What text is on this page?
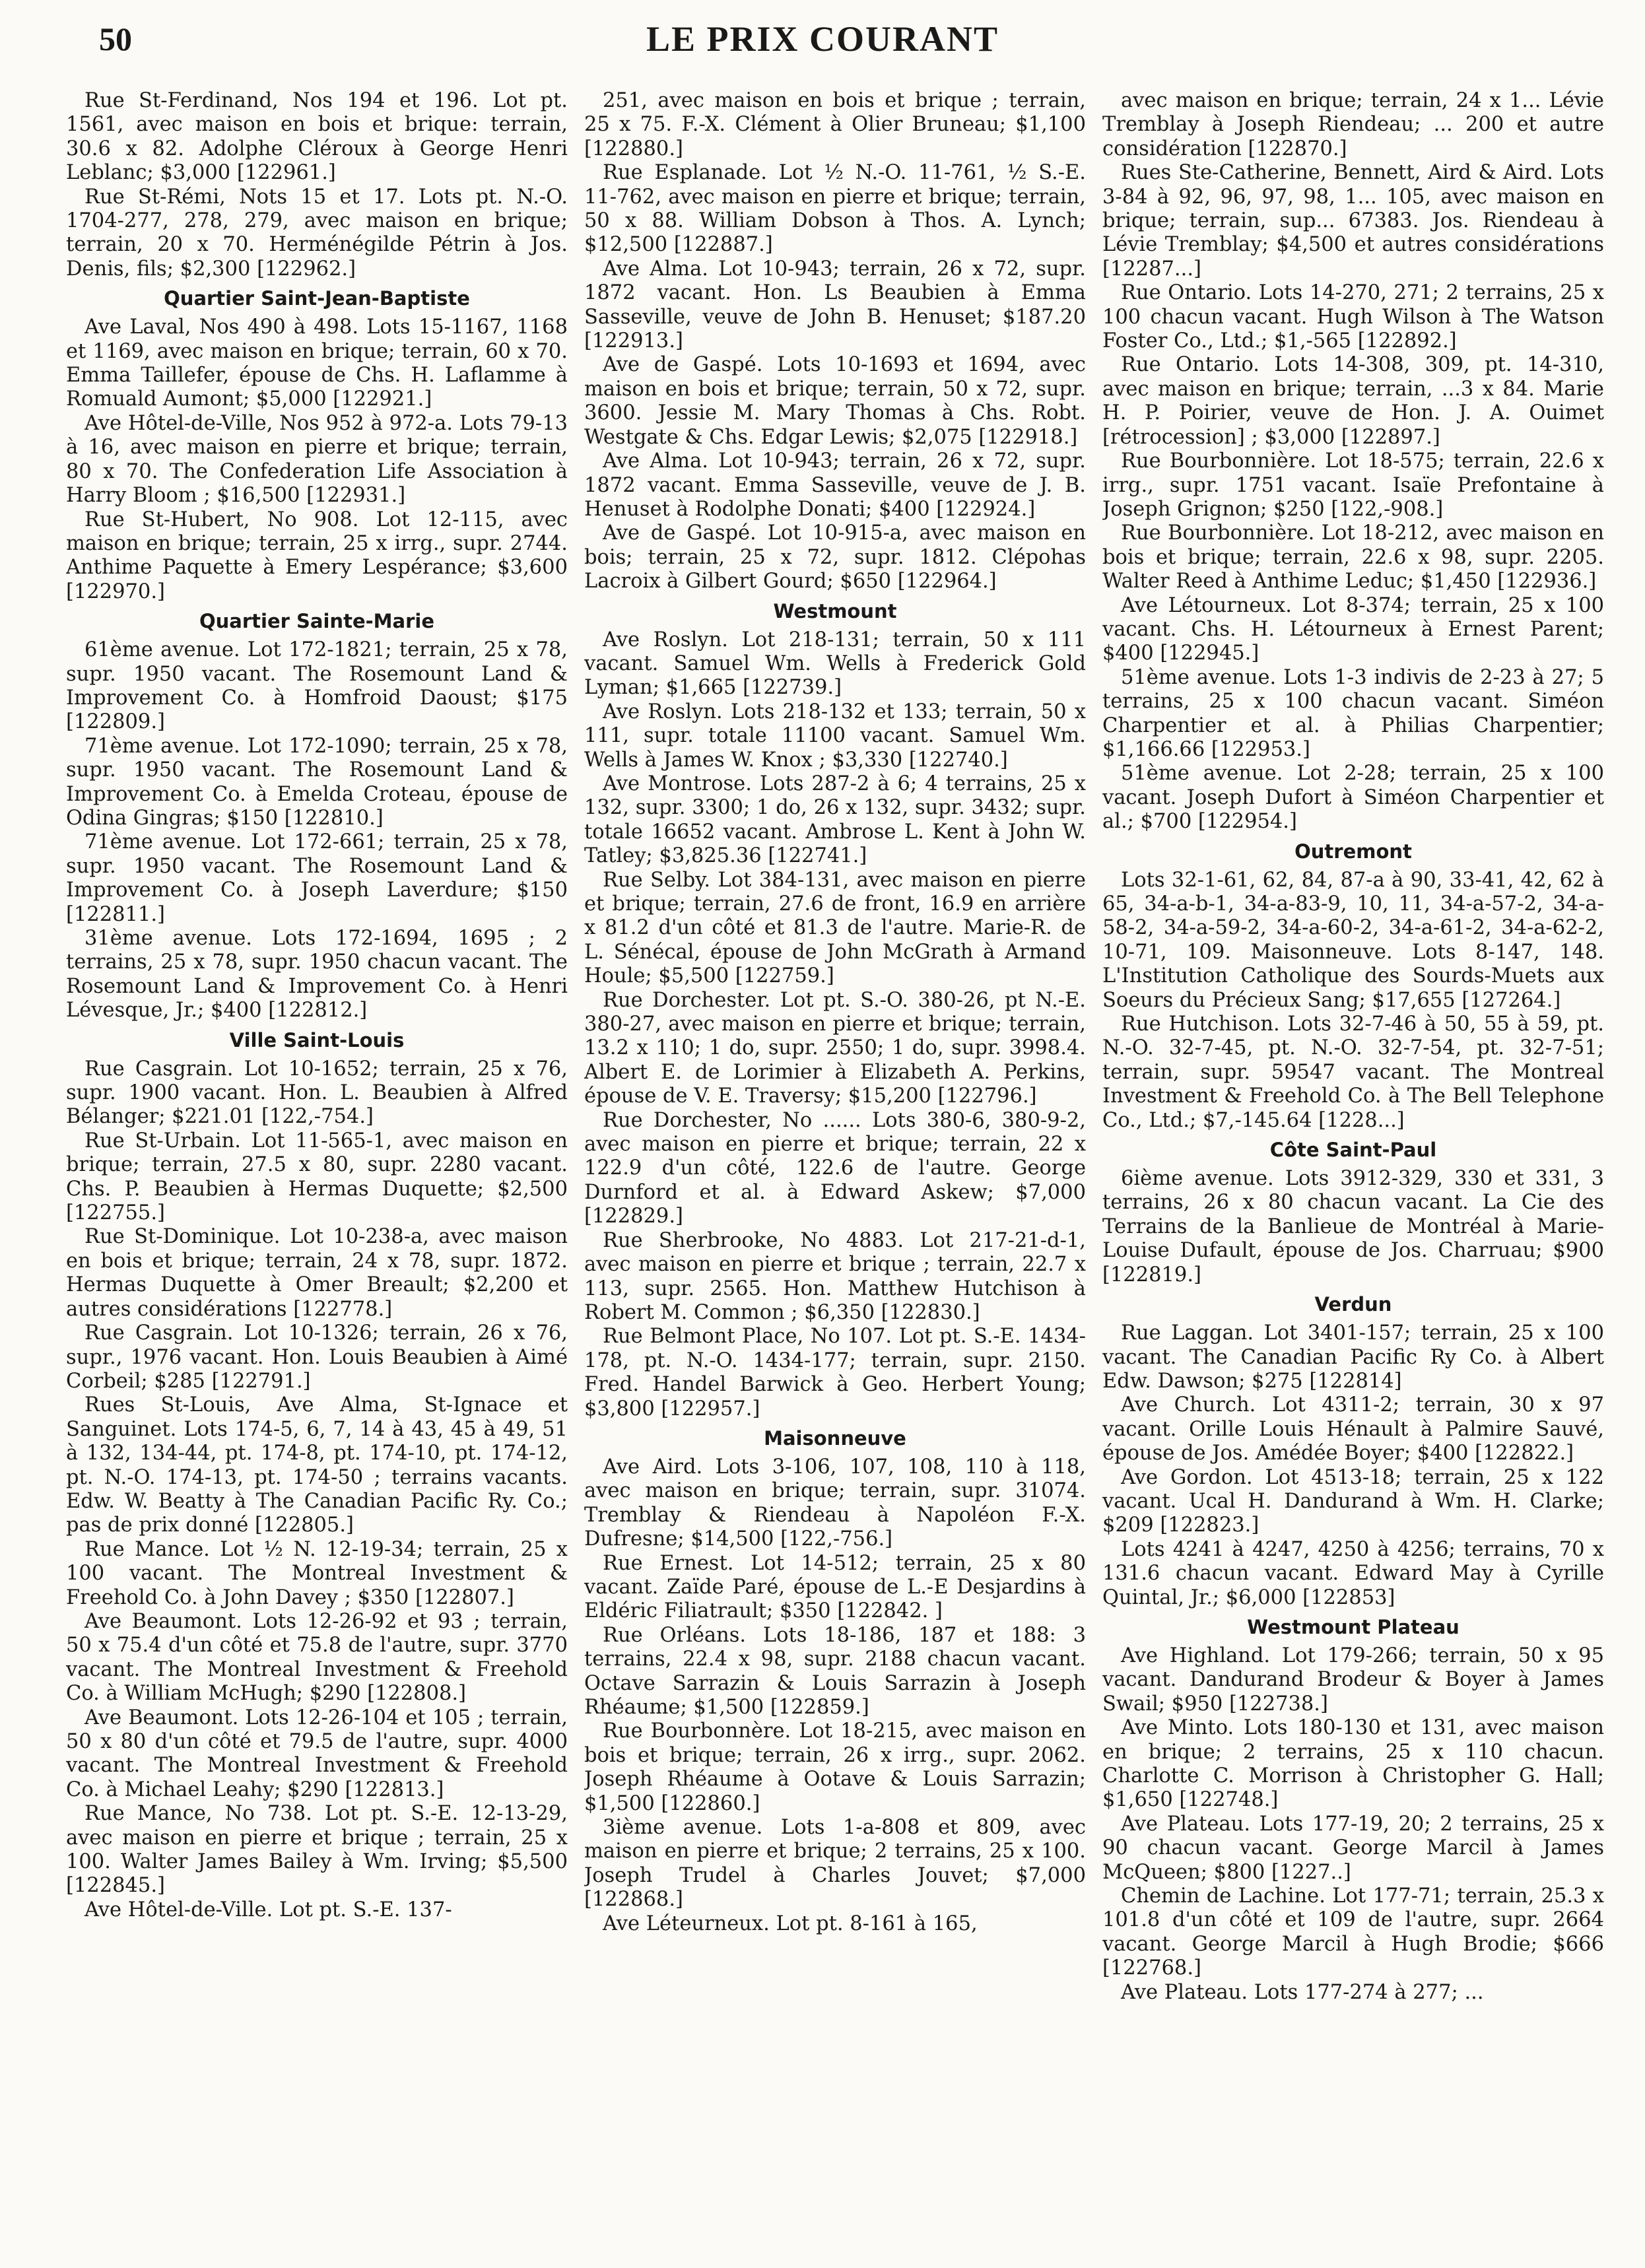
50	LE PRIX COURANT

Rue St-Ferdinand, Nos 194 et 196. Lot pt. 1561, avec maison en bois et brique: terrain, 30.6 x 82. Adolphe Cléroux à George Henri Leblanc; $3,000 [122961.]

Rue St-Rémi, Nots 15 et 17. Lots pt. N.-O. 1704-277, 278, 279, avec maison en brique; terrain, 20 x 70. Herménégilde Pétrin à Jos. Denis, fils; $2,300 [122962.]

Quartier Saint-Jean-Baptiste

Ave Laval, Nos 490 à 498. Lots 15-1167, 1168 et 1169, avec maison en brique; terrain, 60 x 70. Emma Taillefer, épouse de Chs. H. Laflamme à Romuald Aumont; $5,000 [122921.]

Ave Hôtel-de-Ville, Nos 952 à 972-a. Lots 79-13 à 16, avec maison en pierre et brique; terrain, 80 x 70. The Confederation Life Association à Harry Bloom ; $16,500 [122931.]

Rue St-Hubert, No 908. Lot 12-115, avec maison en brique; terrain, 25 x irrg., supr. 2744. Anthime Paquette à Emery Lespérance; $3,600 [122970.]

Quartier Sainte-Marie

61ème avenue. Lot 172-1821; terrain, 25 x 78, supr. 1950 vacant. The Rosemount Land & Improvement Co. à Homfroid Daoust; $175 [122809.]

71ème avenue. Lot 172-1090; terrain, 25 x 78, supr. 1950 vacant. The Rosemount Land & Improvement Co. à Emelda Croteau, épouse de Odina Gingras; $150 [122810.]

71ème avenue. Lot 172-661; terrain, 25 x 78, supr. 1950 vacant. The Rosemount Land & Improvement Co. à Joseph Laverdure; $150 [122811.]

31ème avenue. Lots 172-1694, 1695 ; 2 terrains, 25 x 78, supr. 1950 chacun vacant. The Rosemount Land & Improvement Co. à Henri Lévesque, Jr.; $400 [122812.]

Ville Saint-Louis

Rue Casgrain. Lot 10-1652; terrain, 25 x 76, supr. 1900 vacant. Hon. L. Beaubien à Alfred Bélanger; $221.01 [122,-754.]

Rue St-Urbain. Lot 11-565-1, avec maison en brique; terrain, 27.5 x 80, supr. 2280 vacant. Chs. P. Beaubien à Hermas Duquette; $2,500 [122755.]

Rue St-Dominique. Lot 10-238-a, avec maison en bois et brique; terrain, 24 x 78, supr. 1872. Hermas Duquette à Omer Breault; $2,200 et autres considérations [122778.]

Rue Casgrain. Lot 10-1326; terrain, 26 x 76, supr., 1976 vacant. Hon. Louis Beaubien à Aimé Corbeil; $285 [122791.]

Rues St-Louis, Ave Alma, St-Ignace et Sanguinet. Lots 174-5, 6, 7, 14 à 43, 45 à 49, 51 à 132, 134-44, pt. 174-8, pt. 174-10, pt. 174-12, pt. N.-O. 174-13, pt. 174-50 ; terrains vacants. Edw. W. Beatty à The Canadian Pacific Ry. Co.; pas de prix donné [122805.]

Rue Mance. Lot ½ N. 12-19-34; terrain, 25 x 100 vacant. The Montreal Investment & Freehold Co. à John Davey ; $350 [122807.]

Ave Beaumont. Lots 12-26-92 et 93 ; terrain, 50 x 75.4 d'un côté et 75.8 de l'autre, supr. 3770 vacant. The Montreal Investment & Freehold Co. à William McHugh; $290 [122808.]

Ave Beaumont. Lots 12-26-104 et 105 ; terrain, 50 x 80 d'un côté et 79.5 de l'autre, supr. 4000 vacant. The Montreal Investment & Freehold Co. à Michael Leahy; $290 [122813.]

Rue Mance, No 738. Lot pt. S.-E. 12-13-29, avec maison en pierre et brique ; terrain, 25 x 100. Walter James Bailey à Wm. Irving; $5,500 [122845.]

Ave Hôtel-de-Ville. Lot pt. S.-E. 137-

251, avec maison en bois et brique ; terrain, 25 x 75. F.-X. Clément à Olier Bruneau; $1,100 [122880.]

Rue Esplanade. Lot ½ N.-O. 11-761, ½ S.-E. 11-762, avec maison en pierre et brique; terrain, 50 x 88. William Dobson à Thos. A. Lynch; $12,500 [122887.]

Ave Alma. Lot 10-943; terrain, 26 x 72, supr. 1872 vacant. Hon. Ls Beaubien à Emma Sasseville, veuve de John B. Henuset; $187.20 [122913.]

Ave de Gaspé. Lots 10-1693 et 1694, avec maison en bois et brique; terrain, 50 x 72, supr. 3600. Jessie M. Mary Thomas à Chs. Robt. Westgate & Chs. Edgar Lewis; $2,075 [122918.]

Ave Alma. Lot 10-943; terrain, 26 x 72, supr. 1872 vacant. Emma Sasseville, veuve de J. B. Henuset à Rodolphe Donati; $400 [122924.]

Ave de Gaspé. Lot 10-915-a, avec maison en bois; terrain, 25 x 72, supr. 1812. Clépohas Lacroix à Gilbert Gourd; $650 [122964.]

Westmount

Ave Roslyn. Lot 218-131; terrain, 50 x 111 vacant. Samuel Wm. Wells à Frederick Gold Lyman; $1,665 [122739.]

Ave Roslyn. Lots 218-132 et 133; terrain, 50 x 111, supr. totale 11100 vacant. Samuel Wm. Wells à James W. Knox ; $3,330 [122740.]

Ave Montrose. Lots 287-2 à 6; 4 terrains, 25 x 132, supr. 3300; 1 do, 26 x 132, supr. 3432; supr. totale 16652 vacant. Ambrose L. Kent à John W. Tatley; $3,825.36 [122741.]

Rue Selby. Lot 384-131, avec maison en pierre et brique; terrain, 27.6 de front, 16.9 en arrière x 81.2 d'un côté et 81.3 de l'autre. Marie-R. de L. Sénécal, épouse de John McGrath à Armand Houle; $5,500 [122759.]

Rue Dorchester. Lot pt. S.-O. 380-26, pt N.-E. 380-27, avec maison en pierre et brique; terrain, 13.2 x 110; 1 do, supr. 2550; 1 do, supr. 3998.4. Albert E. de Lorimier à Elizabeth A. Perkins, épouse de V. E. Traversy; $15,200 [122796.]

Rue Dorchester, No ...... Lots 380-6, 380-9-2, avec maison en pierre et brique; terrain, 22 x 122.9 d'un côté, 122.6 de l'autre. George Durnford et al. à Edward Askew; $7,000 [122829.]

Rue Sherbrooke, No 4883. Lot 217-21-d-1, avec maison en pierre et brique ; terrain, 22.7 x 113, supr. 2565. Hon. Matthew Hutchison à Robert M. Common ; $6,350 [122830.]

Rue Belmont Place, No 107. Lot pt. S.-E. 1434-178, pt. N.-O. 1434-177; terrain, supr. 2150. Fred. Handel Barwick à Geo. Herbert Young; $3,800 [122957.]

Maisonneuve

Ave Aird. Lots 3-106, 107, 108, 110 à 118, avec maison en brique; terrain, supr. 31074. Tremblay & Riendeau à Napoléon F.-X. Dufresne; $14,500 [122,-756.]

Rue Ernest. Lot 14-512; terrain, 25 x 80 vacant. Zaïde Paré, épouse de L.-E Desjardins à Eldéric Filiatrault; $350 [122842. ]

Rue Orléans. Lots 18-186, 187 et 188: 3 terrains, 22.4 x 98, supr. 2188 chacun vacant. Octave Sarrazin & Louis Sarrazin à Joseph Rhéaume; $1,500 [122859.]

Rue Bourbonnère. Lot 18-215, avec maison en bois et brique; terrain, 26 x irrg., supr. 2062. Joseph Rhéaume à Ootave & Louis Sarrazin; $1,500 [122860.]

3ième avenue. Lots 1-a-808 et 809, avec maison en pierre et brique; 2 terrains, 25 x 100. Joseph Trudel à Charles Jouvet; $7,000 [122868.]

Ave Léteurneux. Lot pt. 8-161 à 165,

avec maison en brique; terrain, 24 x 1... Lévie Tremblay à Joseph Riendeau; ... 200 et autre considération [122870.]

Rues Ste-Catherine, Bennett, Aird & Aird. Lots 3-84 à 92, 96, 97, 98, 1... 105, avec maison en brique; terrain, sup... 67383. Jos. Riendeau à Lévie Tremblay; $4,500 et autres considérations [12287...]

Rue Ontario. Lots 14-270, 271; 2 terrains, 25 x 100 chacun vacant. Hugh Wilson à The Watson Foster Co., Ltd.; $1,-565 [122892.]

Rue Ontario. Lots 14-308, 309, pt. 14-310, avec maison en brique; terrain, ...3 x 84. Marie H. P. Poirier, veuve de Hon. J. A. Ouimet [rétrocession] ; $3,000 [122897.]

Rue Bourbonnière. Lot 18-575; terrain, 22.6 x irrg., supr. 1751 vacant. Isaïe Prefontaine à Joseph Grignon; $250 [122,-908.]

Rue Bourbonnière. Lot 18-212, avec maison en bois et brique; terrain, 22.6 x 98, supr. 2205. Walter Reed à Anthime Leduc; $1,450 [122936.]

Ave Létourneux. Lot 8-374; terrain, 25 x 100 vacant. Chs. H. Létourneux à Ernest Parent; $400 [122945.]

51ème avenue. Lots 1-3 indivis de 2-23 à 27; 5 terrains, 25 x 100 chacun vacant. Siméon Charpentier et al. à Philias Charpentier; $1,166.66 [122953.]

51ème avenue. Lot 2-28; terrain, 25 x 100 vacant. Joseph Dufort à Siméon Charpentier et al.; $700 [122954.]

Outremont

Lots 32-1-61, 62, 84, 87-a à 90, 33-41, 42, 62 à 65, 34-a-b-1, 34-a-83-9, 10, 11, 34-a-57-2, 34-a-58-2, 34-a-59-2, 34-a-60-2, 34-a-61-2, 34-a-62-2, 10-71, 109. Maisonneuve. Lots 8-147, 148. L'Institution Catholique des Sourds-Muets aux Soeurs du Précieux Sang; $17,655 [127264.]

Rue Hutchison. Lots 32-7-46 à 50, 55 à 59, pt. N.-O. 32-7-45, pt. N.-O. 32-7-54, pt. 32-7-51; terrain, supr. 59547 vacant. The Montreal Investment & Freehold Co. à The Bell Telephone Co., Ltd.; $7,-145.64 [1228...]

Côte Saint-Paul

6ième avenue. Lots 3912-329, 330 et 331, 3 terrains, 26 x 80 chacun vacant. La Cie des Terrains de la Banlieue de Montréal à Marie-Louise Dufault, épouse de Jos. Charruau; $900 [122819.]

Verdun

Rue Laggan. Lot 3401-157; terrain, 25 x 100 vacant. The Canadian Pacific Ry Co. à Albert Edw. Dawson; $275 [122814]

Ave Church. Lot 4311-2; terrain, 30 x 97 vacant. Orille Louis Hénault à Palmire Sauvé, épouse de Jos. Amédée Boyer; $400 [122822.]

Ave Gordon. Lot 4513-18; terrain, 25 x 122 vacant. Ucal H. Dandurand à Wm. H. Clarke; $209 [122823.]

Lots 4241 à 4247, 4250 à 4256; terrains, 70 x 131.6 chacun vacant. Edward May à Cyrille Quintal, Jr.; $6,000 [122853]

Westmount Plateau

Ave Highland. Lot 179-266; terrain, 50 x 95 vacant. Dandurand Brodeur & Boyer à James Swail; $950 [122738.]

Ave Minto. Lots 180-130 et 131, avec maison en brique; 2 terrains, 25 x 110 chacun. Charlotte C. Morrison à Christopher G. Hall; $1,650 [122748.]

Ave Plateau. Lots 177-19, 20; 2 terrains, 25 x 90 chacun vacant. George Marcil à James McQueen; $800 [1227..]

Chemin de Lachine. Lot 177-71; terrain, 25.3 x 101.8 d'un côté et 109 de l'autre, supr. 2664 vacant. George Marcil à Hugh Brodie; $666 [122768.]

Ave Plateau. Lots 177-274 à 277; ...
